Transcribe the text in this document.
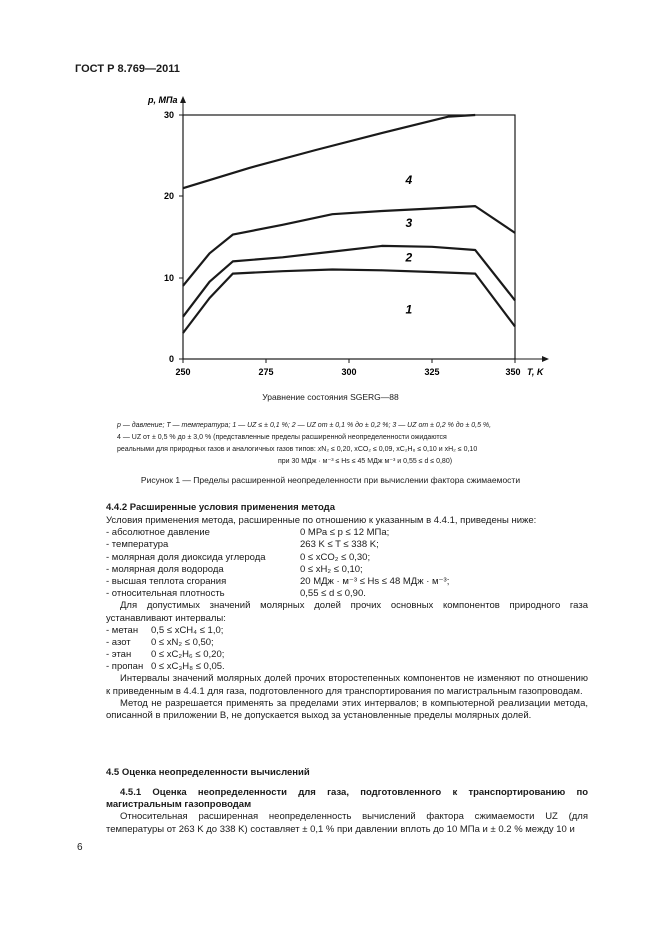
ГОСТ Р 8.769—2011
250	275	300	325	350
0
10
20
30
p, МПа
T, K
4
3
2
1
Уравнение состояния SGERG—88
p — давление; T — температура; 1 — UZ ≤ ± 0,1 %; 2 — UZ от ± 0,1 % до ± 0,2 %; 3 — UZ от ± 0,2 % до ± 0,5 %,
4 — UZ от ± 0,5 % до ± 3,0 % (представленные пределы расширенной неопределенности ожидаются
реальными для природных газов и аналогичных газов типов: xN₂ ≤ 0,20, xCO₂ ≤ 0,09, xC₂H₆ ≤ 0,10 и xH₂ ≤ 0,10
при 30 МДж · м⁻³ ≤ Hs ≤ 45 МДж м⁻³ и 0,55 ≤ d ≤ 0,80)
Рисунок 1 — Пределы расширенной неопределенности при вычислении фактора сжимаемости
4.4.2 Расширенные условия применения метода
Условия применения метода, расширенные по отношению к указанным в 4.4.1, приведены ниже:
- абсолютное давление	0 МРа ≤ p ≤ 12 МПа;
- температура	263 K ≤ T ≤ 338 K;
- молярная доля диоксида углерода	0 ≤ xCO₂ ≤ 0,30;
- молярная доля водорода	0 ≤ xH₂ ≤ 0,10;
- высшая теплота сгорания	20 МДж · м⁻³ ≤ Hs ≤ 48 МДж · м⁻³;
- относительная плотность	0,55 ≤ d ≤ 0,90.
Для допустимых значений молярных долей прочих основных компонентов природного газа устанавливают интервалы:
- метан 0,5 ≤ xCH₄ ≤ 1,0;
- азот 0 ≤ xN₂ ≤ 0,50;
- этан 0 ≤ xC₂H₆ ≤ 0,20;
- пропан 0 ≤ xC₃H₈ ≤ 0,05.
Интервалы значений молярных долей прочих второстепенных компонентов не изменяют по отношению к приведенным в 4.4.1 для газа, подготовленного для транспортирования по магистральным газопроводам.
Метод не разрешается применять за пределами этих интервалов; в компьютерной реализации метода, описанной в приложении В, не допускается выход за установленные пределы молярных долей.
4.5 Оценка неопределенности вычислений
4.5.1 Оценка неопределенности для газа, подготовленного к транспортированию по магистральным газопроводам
Относительная расширенная неопределенность вычислений фактора сжимаемости UZ (для температуры от 263 K до 338 K) составляет ± 0,1 % при давлении вплоть до 10 МПа и ± 0.2 % между 10 и
6
